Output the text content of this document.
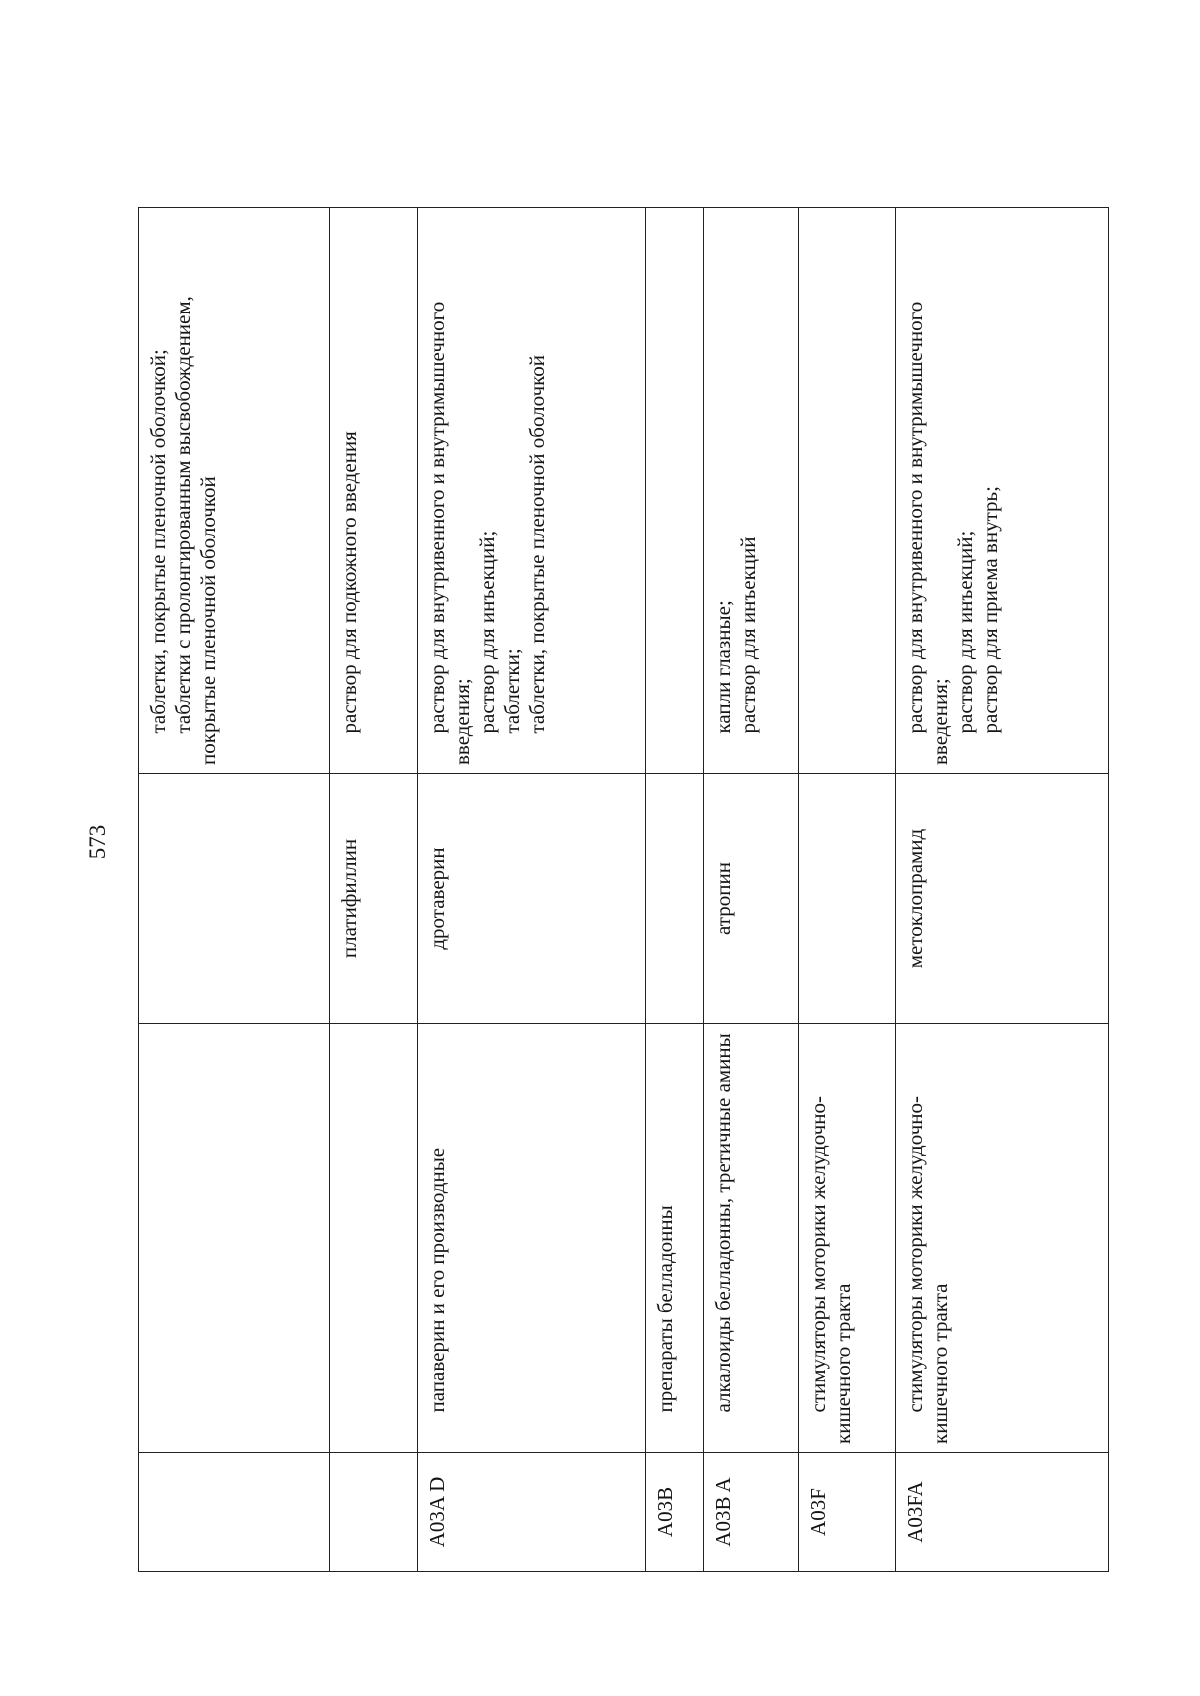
573

			таблетки, покрытые пленочной оболочкой; таблетки с пролонгированным высвобождением, покрытые пленочной оболочкой

		платифиллин	раствор для подкожного введения

A03A D	папаверин и его производные	дротаверин	раствор для внутривенного и внутримышечного введения; раствор для инъекций; таблетки; таблетки, покрытые пленочной оболочкой

A03B	препараты белладонны		

A03B A	алкалоиды белладонны, третичные амины	атропин	капли глазные; раствор для инъекций

A03F	стимуляторы моторики желудочно-кишечного тракта		

A03FA	стимуляторы моторики желудочно-кишечного тракта	метоклопрамид	раствор для внутривенного и внутримышечного введения; раствор для инъекций; раствор для приема внутрь;
